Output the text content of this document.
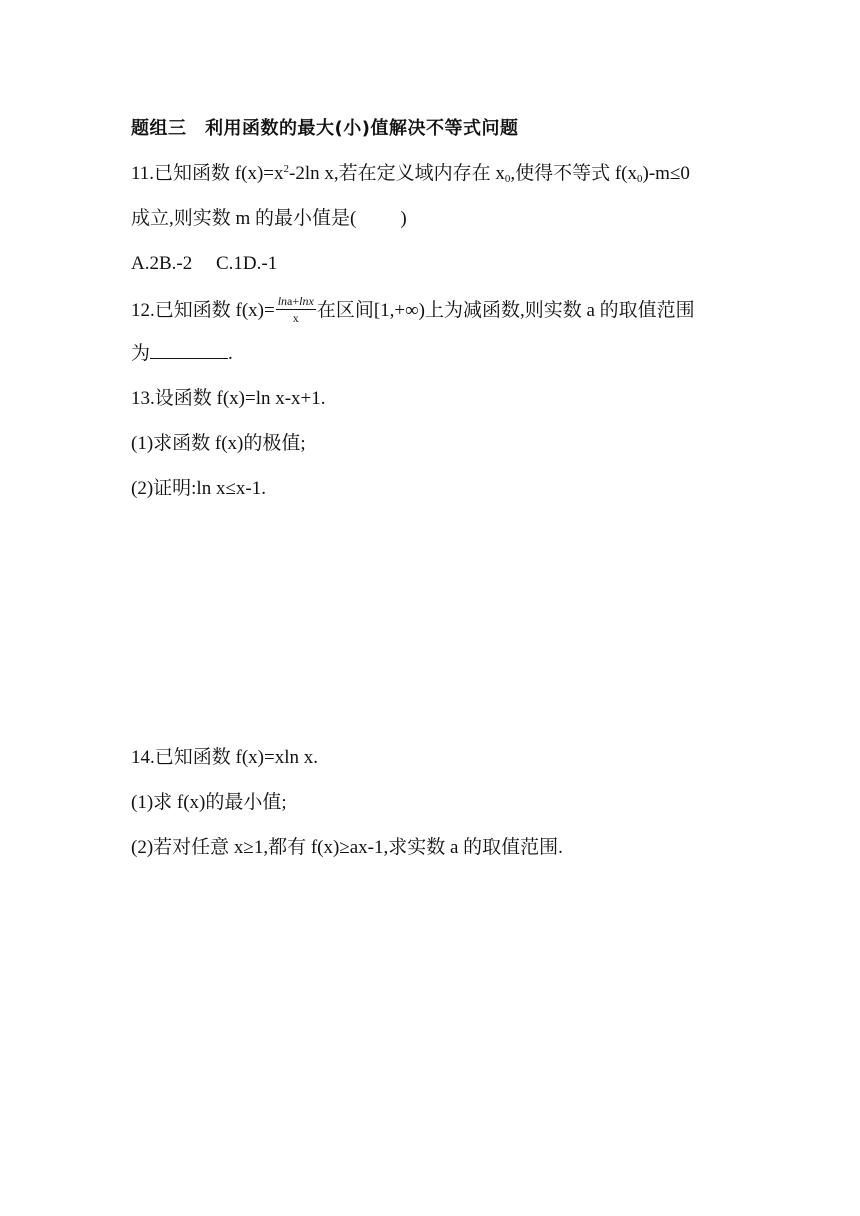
题组三　利用函数的最大(小)值解决不等式问题
11.已知函数 $f(x)=x^2-2\ln$ x,若在定义域内存在 $x_0$,使得不等式 $f(x_0)-m\le 0$
成立,则实数 m 的最小值是( )
A.2B.-2　 C.1D.-1
12.已知函数 $f(x)= \frac{\ln a+\ln x}{x}$ 在区间[1,+∞)上为减函数,则实数 a 的取值范围
为	.
13.设函数 f(x)=ln x-x+1.
(1)求函数 f(x)的极值;
(2)证明:ln x≤x-1.
14.已知函数 f(x)=xln x.
(1)求 f(x)的最小值;
(2)若对任意 x≥1,都有 f(x)≥ax-1,求实数 a 的取值范围.
